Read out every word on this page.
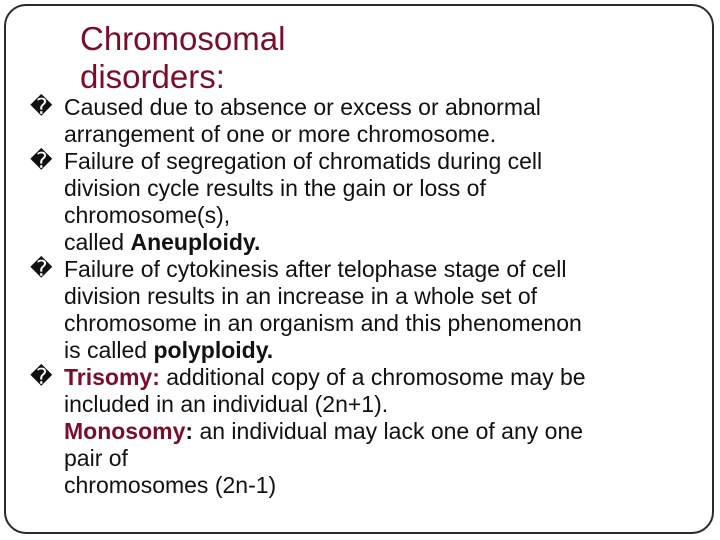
Chromosomal
disorders:
� Caused due to absence or excess or abnormal
arrangement of one or more chromosome.
� Failure of segregation of chromatids during cell
division cycle results in the gain or loss of
chromosome(s),
called Aneuploidy.
� Failure of cytokinesis after telophase stage of cell
division results in an increase in a whole set of
chromosome in an organism and this phenomenon
is called polyploidy.
� Trisomy: additional copy of a chromosome may be
included in an individual (2n+1).
Monosomy: an individual may lack one of any one
pair of
chromosomes (2n-1)
